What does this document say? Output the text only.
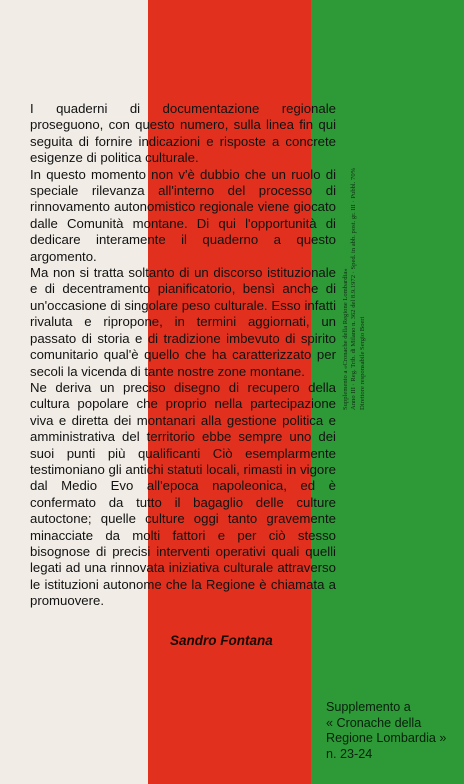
I quaderni di documentazione regionale proseguono, con questo numero, sulla linea fin qui seguita di fornire indicazioni e risposte a concrete esigenze di politica culturale.

In questo momento non v'è dubbio che un ruolo di speciale rilevanza all'interno del processo di rinnovamento autonomistico regionale viene giocato dalle Comunità montane. Di qui l'opportunità di dedicare interamente il quaderno a questo argomento.

Ma non si tratta soltanto di un discorso istituzionale e di decentramento pianificatorio, bensì anche di un'occasione di singolare peso culturale. Esso infatti rivaluta e ripropone, in termini aggiornati, un passato di storia e di tradizione imbevuto di spirito comunitario qual'è quello che ha caratterizzato per secoli la vicenda di tante nostre zone montane.

Ne deriva un preciso disegno di recupero della cultura popolare che proprio nella partecipazione viva e diretta dei montanari alla gestione politica e amministrativa del territorio ebbe sempre uno dei suoi punti più qualificanti Ciò esemplarmente testimoniano gli antichi statuti locali, rimasti in vigore dal Medio Evo all'epoca napoleonica, ed è confermato da tutto il bagaglio delle culture autoctone; quelle culture oggi tanto gravemente minacciate da molti fattori e per ciò stesso bisognose di precisi interventi operativi quali quelli legati ad una rinnovata iniziativa culturale attraverso le istituzioni autonome che la Regione è chiamata a promuovere.

Sandro Fontana
Supplemento a «Cronache della Regione Lombardia» Anno III · Reg. Trib. di Milano n. 362 del 8.9.1972 · Sped. in abb. post. gr. III · Pubbl. 70% Direttore responsabile Sergio Boeri
Supplemento a
« Cronache della
Regione Lombardia »
n. 23-24
